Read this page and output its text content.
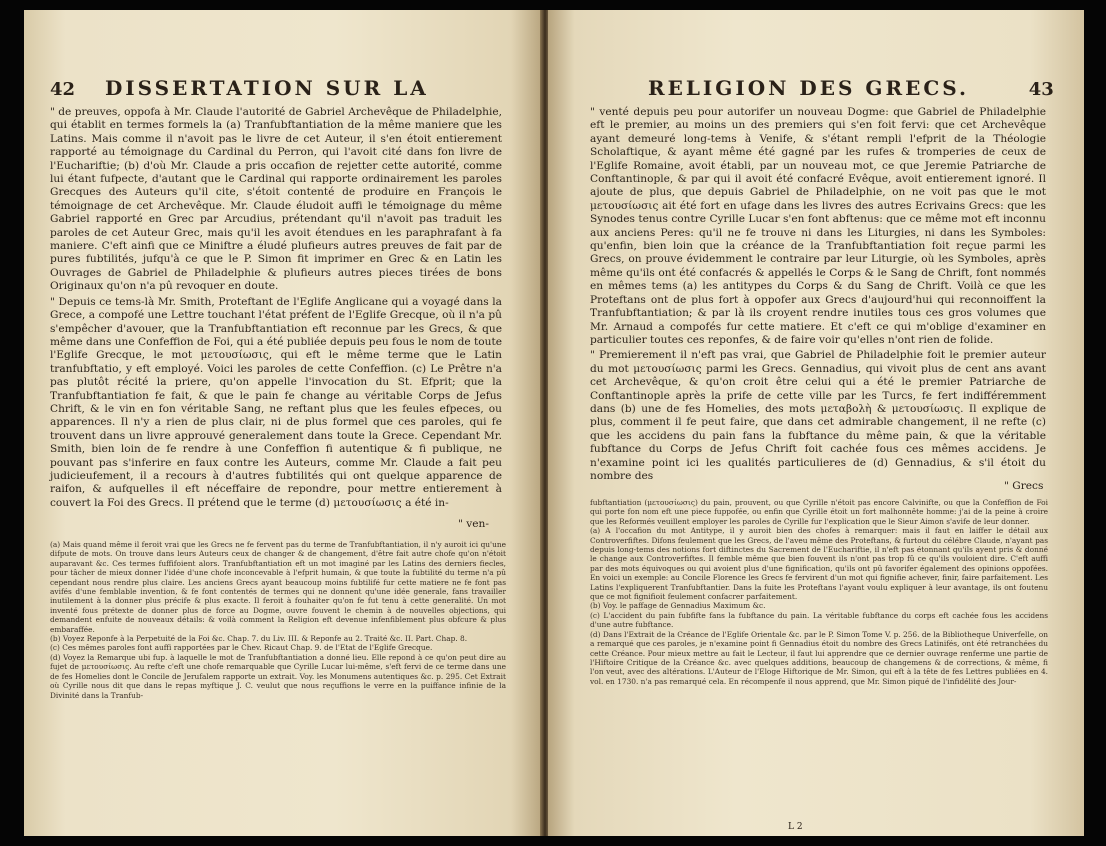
42 DISSERTATION SUR LA

" de preuves, oppofa à Mr. Claude l'autorité de Gabriel Archevêque de Philadelphie, qui établit en termes formels la (a) Tranfubftantiation de la même maniere que les Latins. Mais comme il n'avoit pas le livre de cet Auteur, il s'en étoit entierement rapporté au témoignage du Cardinal du Perron, qui l'avoit cité dans fon livre de l'Euchariftie; (b) d'où Mr. Claude a pris occafion de rejetter cette autorité, comme lui étant fufpecte, d'autant que le Cardinal qui rapporte ordinairement les paroles Grecques des Auteurs qu'il cite, s'étoit contenté de produire en François le témoignage de cet Archevêque. Mr. Claude éludoit auffi le témoignage du même Gabriel rapporté en Grec par Arcudius, prétendant qu'il n'avoit pas traduit les paroles de cet Auteur Grec, mais qu'il les avoit étendues en les paraphrafant à fa maniere. C'eft ainfi que ce Miniftre a éludé plufieurs autres preuves de fait par de pures fubtilités, jufqu'à ce que le P. Simon fit imprimer en Grec & en Latin les Ouvrages de Gabriel de Philadelphie & plufieurs autres pieces tirées de bons Originaux qu'on n'a pû revoquer en doute.

" Depuis ce tems-là Mr. Smith, Proteftant de l'Eglife Anglicane qui a voyagé dans la Grece, a compofé une Lettre touchant l'état préfent de l'Eglife Grecque, où il n'a pû s'empêcher d'avouer, que la Tranfubftantiation eft reconnue par les Grecs, & que même dans une Confeffion de Foi, qui a été publiée depuis peu fous le nom de toute l'Eglife Grecque, le mot μετουσίωσις, qui eft le même terme que le Latin tranfubftatio, y eft employé. Voici les paroles de cette Confeffion. (c) Le Prêtre n'a pas plutôt récité la priere, qu'on appelle l'invocation du St. Efprit; que la Tranfubftantiation fe fait, & que le pain fe change au véritable Corps de Jefus Chrift, & le vin en fon véritable Sang, ne reftant plus que les feules efpeces, ou apparences. Il n'y a rien de plus clair, ni de plus formel que ces paroles, qui fe trouvent dans un livre approuvé generalement dans toute la Grece. Cependant Mr. Smith, bien loin de fe rendre à une Confeffion fi autentique & fi publique, ne pouvant pas s'inferire en faux contre les Auteurs, comme Mr. Claude a fait peu judicieufement, il a recours à d'autres fubtilités qui ont quelque apparence de raifon, & aufquelles il eft néceffaire de repondre, pour mettre entierement à couvert la Foi des Grecs. Il prétend que le terme (d) μετουσίωσις a été in-

" ven-

(a) Mais quand même il feroit vrai que les Grecs ne fe fervent pas du terme de Tranfubftantiation, il n'y auroit ici qu'une difpute de mots. On trouve dans leurs Auteurs ceux de changer & de changement, d'être fait autre chofe qu'on n'étoit auparavant &c. Ces termes fuffifoient alors. Tranfubftantiation eft un mot imaginé par les Latins des derniers fiecles, pour tâcher de mieux donner l'idée d'une chofe inconcevable à l'efprit humain, & que toute la fubtilité du terme n'a pû cependant nous rendre plus claire. Les anciens Grecs ayant beaucoup moins fubtilifé fur cette matiere ne fe font pas avifés d'une femblable invention, & fe font contentés de termes qui ne donnent qu'une idée generale, fans travailler inutilement à la donner plus précife & plus exacte. Il feroit à fouhaiter qu'on fe fut tenu à cette generalité. Un mot inventé fous prétexte de donner plus de force au Dogme, ouvre fouvent le chemin à de nouvelles objections, qui demandent enfuite de nouveaux détails: & voilà comment la Religion eft devenue infenfiblement plus obfcure & plus embaraffée.

(b) Voyez Reponfe à la Perpetuité de la Foi &c. Chap. 7. du Liv. III. & Reponfe au 2. Traité &c. II. Part. Chap. 8.

(c) Ces mêmes paroles font auffi rapportées par le Chev. Ricaut Chap. 9. de l'Etat de l'Eglife Grecque.

(d) Voyez la Remarque ubi fup. à laquelle le mot de Tranfubftantiation a donné lieu. Elle repond à ce qu'on peut dire au fujet de μετουσίωσις. Au refte c'eft une chofe remarquable que Cyrille Lucar lui-même, s'eft fervi de ce terme dans une de fes Homelies dont le Concile de Jerufalem rapporte un extrait. Voy. les Monumens autentiques &c. p. 295. Cet Extrait où Cyrille nous dit que dans le repas myftique J. C. veulut que nous reçuffions le verre en la puiffance infinie de la Divinité dans la Tranfub-

RELIGION DES GRECS.	43

" venté depuis peu pour autorifer un nouveau Dogme: que Gabriel de Philadelphie eft le premier, au moins un des premiers qui s'en foit fervi: que cet Archevêque ayant demeuré long-tems à Venife, & s'étant rempli l'efprit de la Théologie Scholaftique, & ayant même été gagné par les rufes & tromperies de ceux de l'Eglife Romaine, avoit établi, par un nouveau mot, ce que Jeremie Patriarche de Conftantinople, & par qui il avoit été confacré Evêque, avoit entierement ignoré. Il ajoute de plus, que depuis Gabriel de Philadelphie, on ne voit pas que le mot μετουσίωσις ait été fort en ufage dans les livres des autres Ecrivains Grecs: que les Synodes tenus contre Cyrille Lucar s'en font abftenus: que ce même mot eft inconnu aux anciens Peres: qu'il ne fe trouve ni dans les Liturgies, ni dans les Symboles: qu'enfin, bien loin que la créance de la Tranfubftantiation foit reçue parmi les Grecs, on prouve évidemment le contraire par leur Liturgie, où les Symboles, après même qu'ils ont été confacrés & appellés le Corps & le Sang de Chrift, font nommés en mêmes tems (a) les antitypes du Corps & du Sang de Chrift. Voilà ce que les Proteftans ont de plus fort à oppofer aux Grecs d'aujourd'hui qui reconnoiffent la Tranfubftantiation; & par là ils croyent rendre inutiles tous ces gros volumes que Mr. Arnaud a compofés fur cette matiere. Et c'eft ce qui m'oblige d'examiner en particulier toutes ces reponfes, & de faire voir qu'elles n'ont rien de folide.

" Premierement il n'eft pas vrai, que Gabriel de Philadelphie foit le premier auteur du mot μετουσίωσις parmi les Grecs. Gennadius, qui vivoit plus de cent ans avant cet Archevêque, & qu'on croit être celui qui a été le premier Patriarche de Conftantinople après la prife de cette ville par les Turcs, fe fert indifféremment dans (b) une de fes Homelies, des mots μεταβολὴ & μετουσίωσις. Il explique de plus, comment il fe peut faire, que dans cet admirable changement, il ne refte (c) que les accidens du pain fans la fubftance du même pain, & que la véritable fubftance du Corps de Jefus Chrift foit cachée fous ces mêmes accidens. Je n'examine point ici les qualités particulieres de (d) Gennadius, & s'il étoit du nombre des

" Grecs

fubftantiation (μετουσίωσις) du pain, prouvent, ou que Cyrille n'étoit pas encore Calvinifte, ou que la Confeffion de Foi qui porte fon nom eft une piece fuppofée, ou enfin que Cyrille étoit un fort malhonnête homme: j'ai de la peine à croire que les Reformés veuillent employer les paroles de Cyrille fur l'explication que le Sieur Aimon s'avife de leur donner.

(a) A l'occafion du mot Antitype, il y auroit bien des chofes à remarquer: mais il faut en laiffer le détail aux Controverfiftes. Difons feulement que les Grecs, de l'aveu même des Proteftans, & furtout du célébre Claude, n'ayant pas depuis long-tems des notions fort diftinctes du Sacrement de l'Euchariftie, il n'eft pas étonnant qu'ils ayent pris & donné le change aux Controverfiftes. Il femble même que bien fouvent ils n'ont pas trop fû ce qu'ils vouloient dire. C'eft auffi par des mots équivoques ou qui avoient plus d'une fignification, qu'ils ont pû favorifer également des opinions oppofées. En voici un exemple: au Concile Florence les Grecs fe fervirent d'un mot qui fignifie achever, finir, faire parfaitement. Les Latins l'expliquerent Tranfubftantier. Dans la fuite les Proteftans l'ayant voulu expliquer à leur avantage, ils ont foutenu que ce mot fignifioit feulement confacrer parfaitement.

(b) Voy. le paffage de Gennadius Maximum &c.

(c) L'accident du pain fubfifte fans la fubftance du pain. La véritable fubftance du corps eft cachée fous les accidens d'une autre fubftance.

(d) Dans l'Extrait de la Créance de l'Eglife Orientale &c. par le P. Simon Tome V. p. 256. de la Bibliotheque Univerfelle, on a remarqué que ces paroles, je n'examine point fi Gennadius étoit du nombre des Grecs Latinifés, ont été retranchées du cette Créance. Pour mieux mettre au fait le Lecteur, il faut lui apprendre que ce dernier ouvrage renferme une partie de l'Hiftoire Critique de la Créance &c. avec quelques additions, beaucoup de changemens & de corrections, & même, fi l'on veut, avec des altérations. L'Auteur de l'Eloge Hiftorique de Mr. Simon, qui eft à la tête de fes Lettres publiées en 4. vol. en 1730. n'a pas remarqué cela. En récompenfe il nous apprend, que Mr. Simon piqué de l'infidélité des Jour-

L 2
